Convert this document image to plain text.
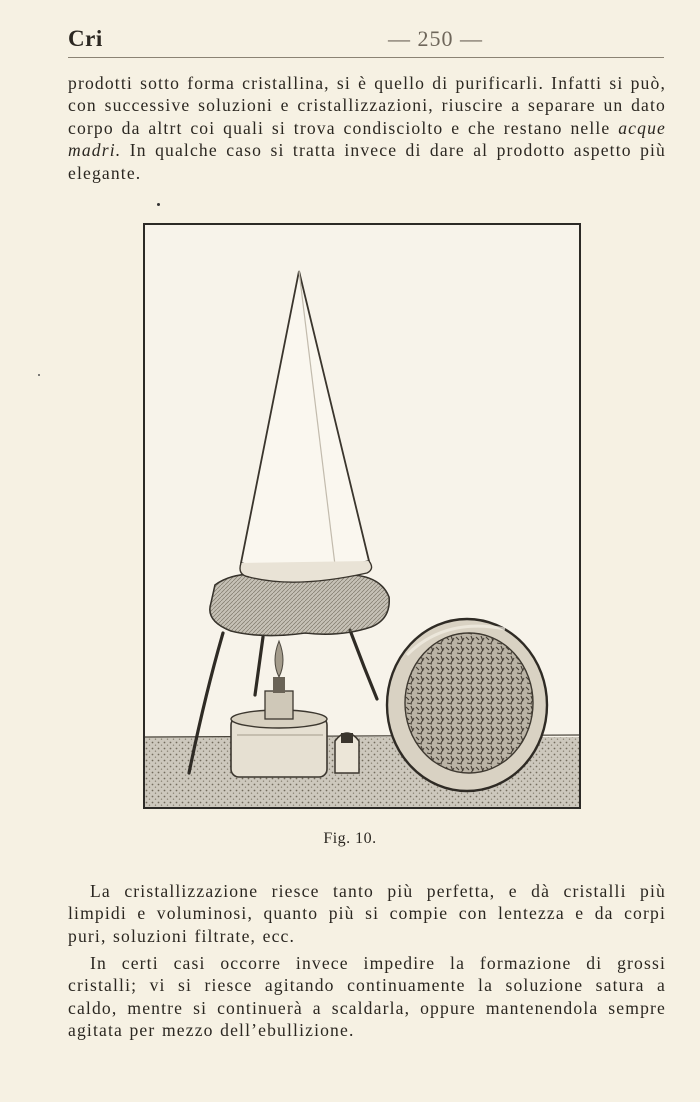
Cri	— 250 —

prodotti sotto forma cristallina, si è quello di purificarli. Infatti si può, con successive soluzioni e cristallizzazioni, riuscire a separare un dato corpo da altrt coi quali si trova condisciolto e che restano nelle acque madri. In qualche caso si tratta invece di dare al prodotto aspetto più elegante.

Fig. 10.

La cristallizzazione riesce tanto più perfetta, e dà cristalli più limpidi e voluminosi, quanto più si compie con lentezza e da corpi puri, soluzioni filtrate, ecc.

In certi casi occorre invece impedire la formazione di grossi cristalli; vi si riesce agitando continuamente la soluzione satura a caldo, mentre si continuerà a scaldarla, oppure mantenendola sempre agitata per mezzo dell’ebullizione.
